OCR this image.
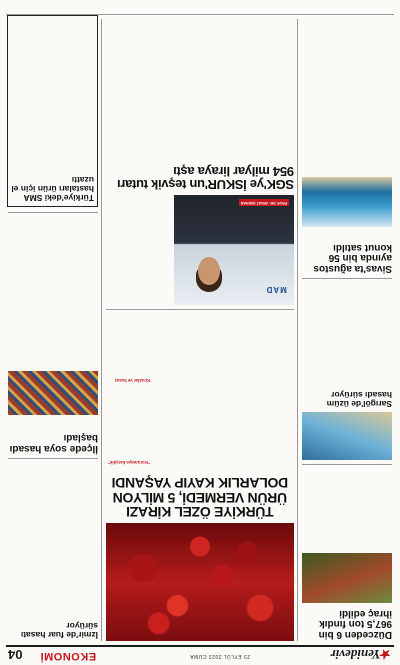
★Yenidevir
23 EYLÜL 2022 CUMA
EKONOMİ
04
Düzceden 6 bin 967,5 ton fındık ihraç edildi
Sarıgöl'de üzüm hasadı sürüyor
Sivas'ta ağustos ayında bin 56 konut satıldı
TÜRKİYE ÖZEL KİRAZI
ÜRÜN VERMEDİ, 5 MİLYON
DOLARLIK KAYIP YAŞANDI
"Korumaya karşılık"
Kirazlar ve hasat
MAD
PROF. DR. VEDAT IŞIKHAN
SGK'ye İSKUR'un teşvik tutarı 954 milyar liraya aştı
İzmir'de fuar hasatı sürüyor
İlçede soya hasadı başladı
Türkiye'deki SMA hastaları ürün için el uzattı
